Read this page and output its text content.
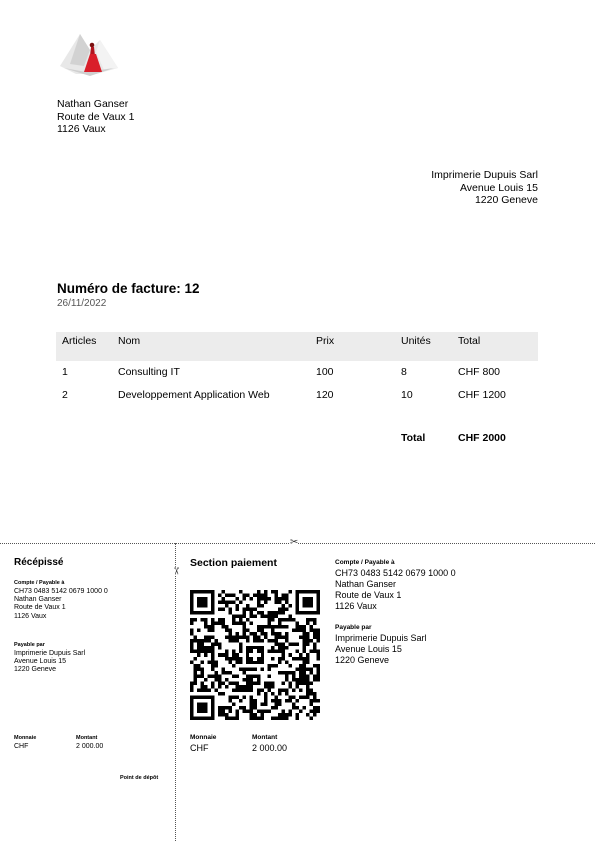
Nathan Ganser
Route de Vaux 1
1126 Vaux
Imprimerie Dupuis Sarl
Avenue Louis 15
1220 Geneve
Numéro de facture: 12
26/11/2022
Articles Nom	Prix	Unités	Total
1	Consulting IT	100	8	CHF 800
2	Developpement Application Web	120	10	CHF 1200
Total	CHF 2000
✂
✂
Récépissé
Compte / Payable à
CH73 0483 5142 0679 1000 0
Nathan Ganser
Route de Vaux 1
1126 Vaux
Payable par
Imprimerie Dupuis Sarl
Avenue Louis 15
1220 Geneve
Monnaie
CHF
Montant
2 000.00
Point de dépôt
Section paiement	Compte / Payable à
CH73 0483 5142 0679 1000 0
Nathan Ganser
Route de Vaux 1
1126 Vaux
Payable par
Imprimerie Dupuis Sarl
Avenue Louis 15
1220 Geneve
Monnaie
CHF
Montant
2 000.00
